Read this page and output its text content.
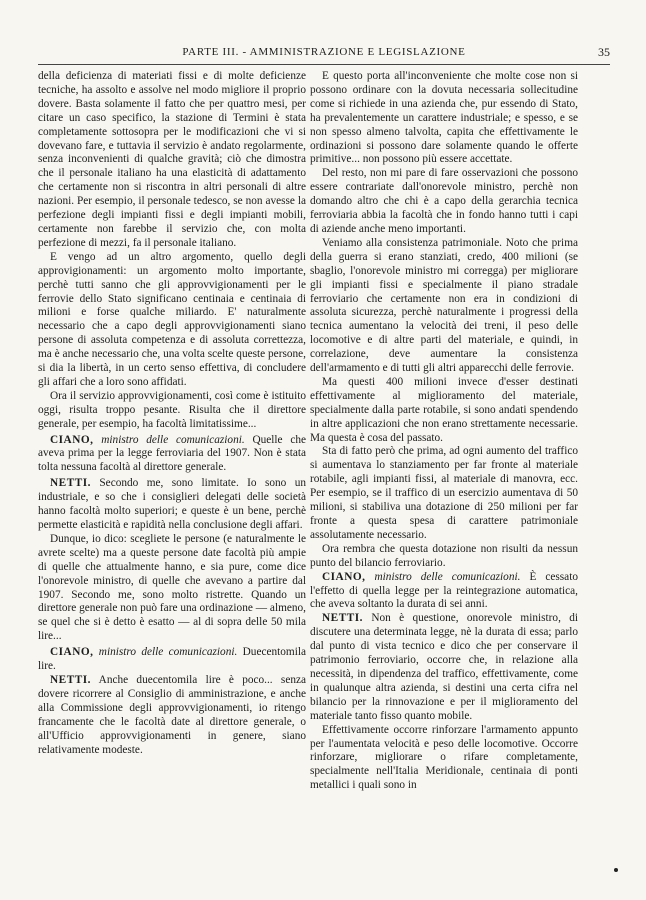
PARTE III. - AMMINISTRAZIONE E LEGISLAZIONE	35

della deficienza di materiati fissi e di molte deficienze tecniche, ha assolto e assolve nel modo migliore il proprio dovere. Basta solamente il fatto che per quattro mesi, per citare un caso specifico, la stazione di Termini è stata completamente sottosopra per le modificazioni che vi si dovevano fare, e tuttavia il servizio è andato regolarmente, senza inconvenienti di qualche gravità; ciò che dimostra che il personale italiano ha una elasticità di adattamento che certamente non si riscontra in altri personali di altre nazioni. Per esempio, il personale tedesco, se non avesse la perfezione degli impianti fissi e degli impianti mobili, certamente non farebbe il servizio che, con molta perfezione di mezzi, fa il personale italiano.

E vengo ad un altro argomento, quello degli approvigionamenti: un argomento molto importante, perchè tutti sanno che gli approvvigionamenti per le ferrovie dello Stato significano centinaia e centinaia di milioni e forse qualche miliardo. E' naturalmente necessario che a capo degli approvvigionamenti siano persone di assoluta competenza e di assoluta correttezza, ma è anche necessario che, una volta scelte queste persone, si dia la libertà, in un certo senso effettiva, di concludere gli affari che a loro sono affidati.

Ora il servizio approvvigionamenti, così come è istituito oggi, risulta troppo pesante. Risulta che il direttore generale, per esempio, ha facoltà limitatissime...

CIANO, ministro delle comunicazioni. Quelle che aveva prima per la legge ferroviaria del 1907. Non è stata tolta nessuna facoltà al direttore generale.

NETTI. Secondo me, sono limitate. Io sono un industriale, e so che i consiglieri delegati delle società hanno facoltà molto superiori; e queste è un bene, perchè permette elasticità e rapidità nella conclusione degli affari.

Dunque, io dico: scegliete le persone (e naturalmente le avrete scelte) ma a queste persone date facoltà più ampie di quelle che attualmente hanno, e sia pure, come dice l'onorevole ministro, di quelle che avevano a partire dal 1907. Secondo me, sono molto ristrette. Quando un direttore generale non può fare una ordinazione — almeno, se quel che si è detto è esatto — al di sopra delle 50 mila lire...

CIANO, ministro delle comunicazioni. Duecentomila lire.

NETTI. Anche duecentomila lire è poco... senza dovere ricorrere al Consiglio di amministrazione, e anche alla Commissione degli approvvigionamenti, io ritengo francamente che le facoltà date al direttore generale, o all'Ufficio approvvigionamenti in genere, siano relativamente modeste.

E questo porta all'inconveniente che molte cose non si possono ordinare con la dovuta necessaria sollecitudine come si richiede in una azienda che, pur essendo di Stato, ha prevalentemente un carattere industriale; e spesso, e se non spesso almeno talvolta, capita che effettivamente le ordinazioni si possono dare solamente quando le offerte primitive... non possono più essere accettate.

Del resto, non mi pare di fare osservazioni che possono essere contrariate dall'onorevole ministro, perchè non domando altro che chi è a capo della gerarchia tecnica ferroviaria abbia la facoltà che in fondo hanno tutti i capi di aziende anche meno importanti.

Veniamo alla consistenza patrimoniale. Noto che prima della guerra si erano stanziati, credo, 400 milioni (se sbaglio, l'onorevole ministro mi corregga) per migliorare gli impianti fissi e specialmente il piano stradale ferroviario che certamente non era in condizioni di assoluta sicurezza, perchè naturalmente i progressi della tecnica aumentano la velocità dei treni, il peso delle locomotive e di altre parti del materiale, e quindi, in correlazione, deve aumentare la consistenza dell'armamento e di tutti gli altri apparecchi delle ferrovie.

Ma questi 400 milioni invece d'esser destinati effettivamente al miglioramento del materiale, specialmente dalla parte rotabile, si sono andati spendendo in altre applicazioni che non erano strettamente necessarie. Ma questa è cosa del passato.

Sta di fatto però che prima, ad ogni aumento del traffico si aumentava lo stanziamento per far fronte al materiale rotabile, agli impianti fissi, al materiale di manovra, ecc. Per esempio, se il traffico di un esercizio aumentava di 50 milioni, si stabiliva una dotazione di 250 milioni per far fronte a questa spesa di carattere patrimoniale assolutamente necessario.

Ora rembra che questa dotazione non risulti da nessun punto del bilancio ferroviario.

CIANO, ministro delle comunicazioni. È cessato l'effetto di quella legge per la reintegrazione automatica, che aveva soltanto la durata di sei anni.

NETTI. Non è questione, onorevole ministro, di discutere una determinata legge, nè la durata di essa; parlo dal punto di vista tecnico e dico che per conservare il patrimonio ferroviario, occorre che, in relazione alla necessità, in dipendenza del traffico, effettivamente, come in qualunque altra azienda, si destini una certa cifra nel bilancio per la rinnovazione e per il miglioramento del materiale tanto fisso quanto mobile.

Effettivamente occorre rinforzare l'armamento appunto per l'aumentata velocità e peso delle locomotive. Occorre rinforzare, migliorare o rifare completamente, specialmente nell'Italia Meridionale, centinaia di ponti metallici i quali sono in
